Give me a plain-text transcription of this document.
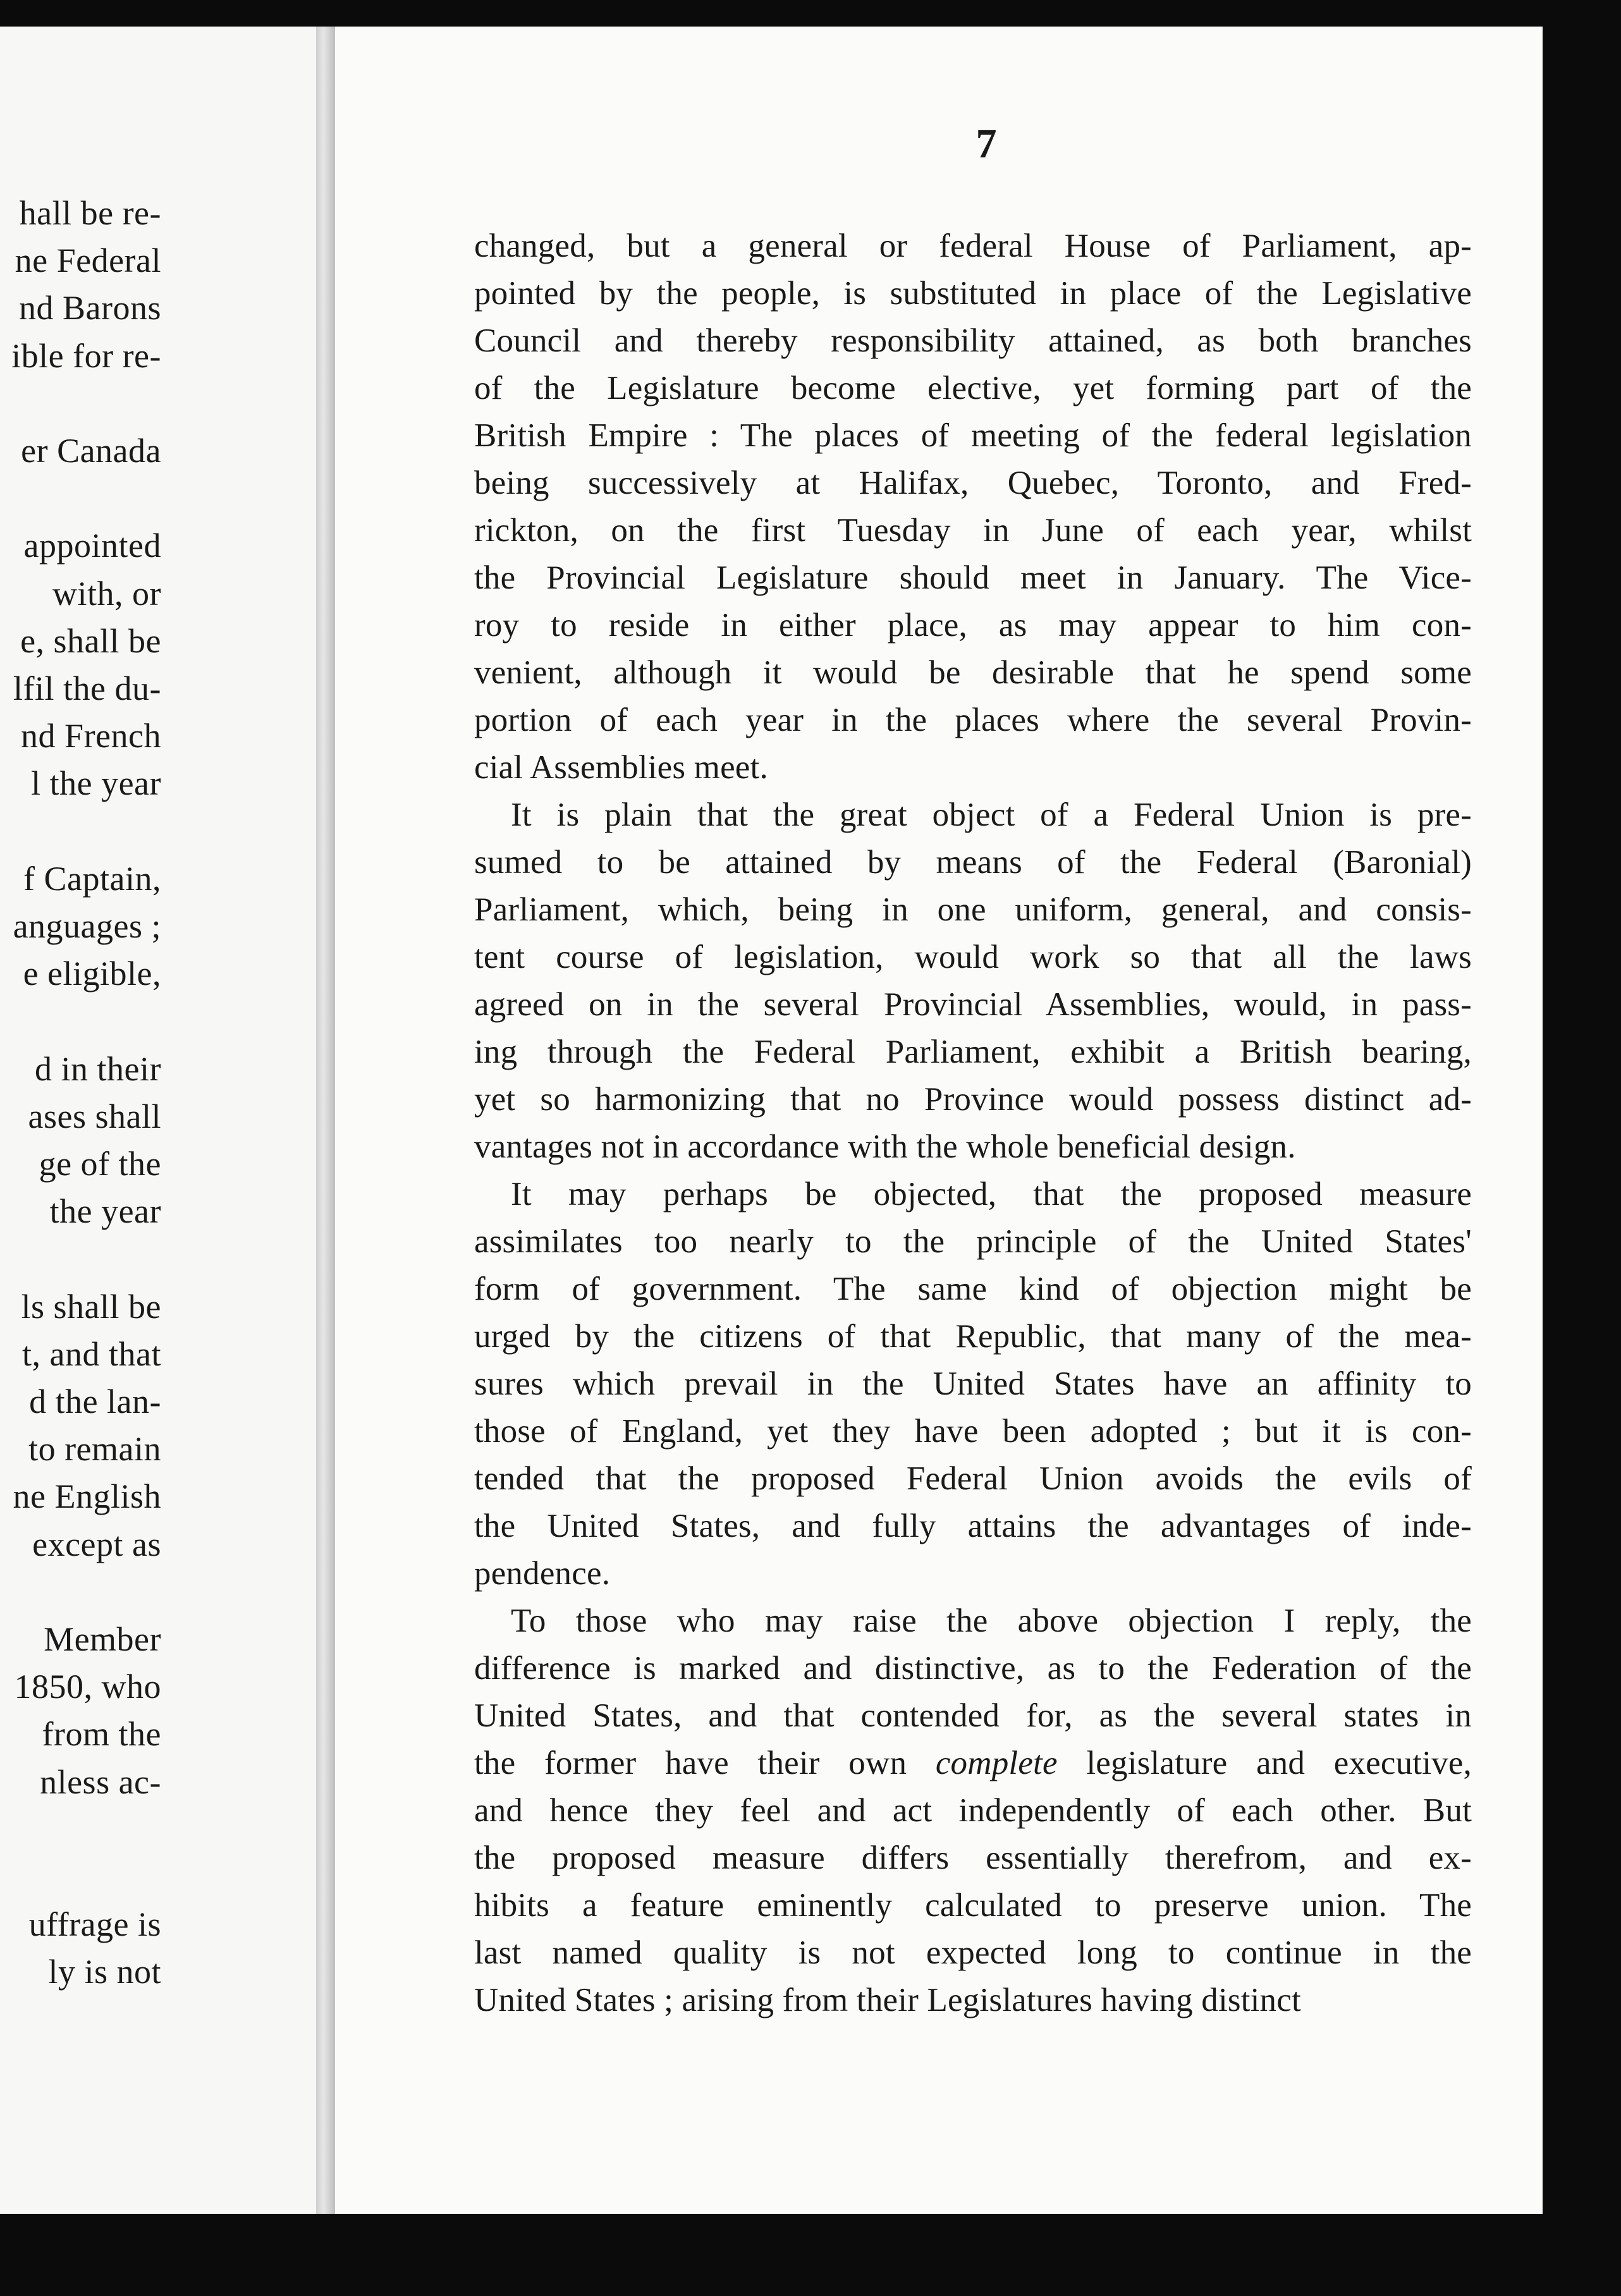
hall be re-
ne Federal
nd Barons
ible for re-
er Canada
appointed
with, or
e, shall be
lfil the du-
nd French
l the year
f Captain,
anguages ;
e eligible,
d in their
ases shall
ge of the
the year
ls shall be
t, and that
d the lan-
to remain
ne English
except as
Member
1850, who
from the
nless ac-
uffrage is
ly is not
7
changed, but a general or federal House of Parliament, ap-
pointed by the people, is substituted in place of the Legislative
Council and thereby responsibility attained, as both branches
of the Legislature become elective, yet forming part of the
British Empire : The places of meeting of the federal legislation
being successively at Halifax, Quebec, Toronto, and Fred-
rickton, on the first Tuesday in June of each year, whilst
the Provincial Legislature should meet in January. The Vice-
roy to reside in either place, as may appear to him con-
venient, although it would be desirable that he spend some
portion of each year in the places where the several Provin-
cial Assemblies meet.
It is plain that the great object of a Federal Union is pre-
sumed to be attained by means of the Federal (Baronial)
Parliament, which, being in one uniform, general, and consis-
tent course of legislation, would work so that all the laws
agreed on in the several Provincial Assemblies, would, in pass-
ing through the Federal Parliament, exhibit a British bearing,
yet so harmonizing that no Province would possess distinct ad-
vantages not in accordance with the whole beneficial design.
It may perhaps be objected, that the proposed measure
assimilates too nearly to the principle of the United States'
form of government. The same kind of objection might be
urged by the citizens of that Republic, that many of the mea-
sures which prevail in the United States have an affinity to
those of England, yet they have been adopted ; but it is con-
tended that the proposed Federal Union avoids the evils of
the United States, and fully attains the advantages of inde-
pendence.
To those who may raise the above objection I reply, the
difference is marked and distinctive, as to the Federation of the
United States, and that contended for, as the several states in
the former have their own complete legislature and executive,
and hence they feel and act independently of each other. But
the proposed measure differs essentially therefrom, and ex-
hibits a feature eminently calculated to preserve union. The
last named quality is not expected long to continue in the
United States ; arising from their Legislatures having distinct
